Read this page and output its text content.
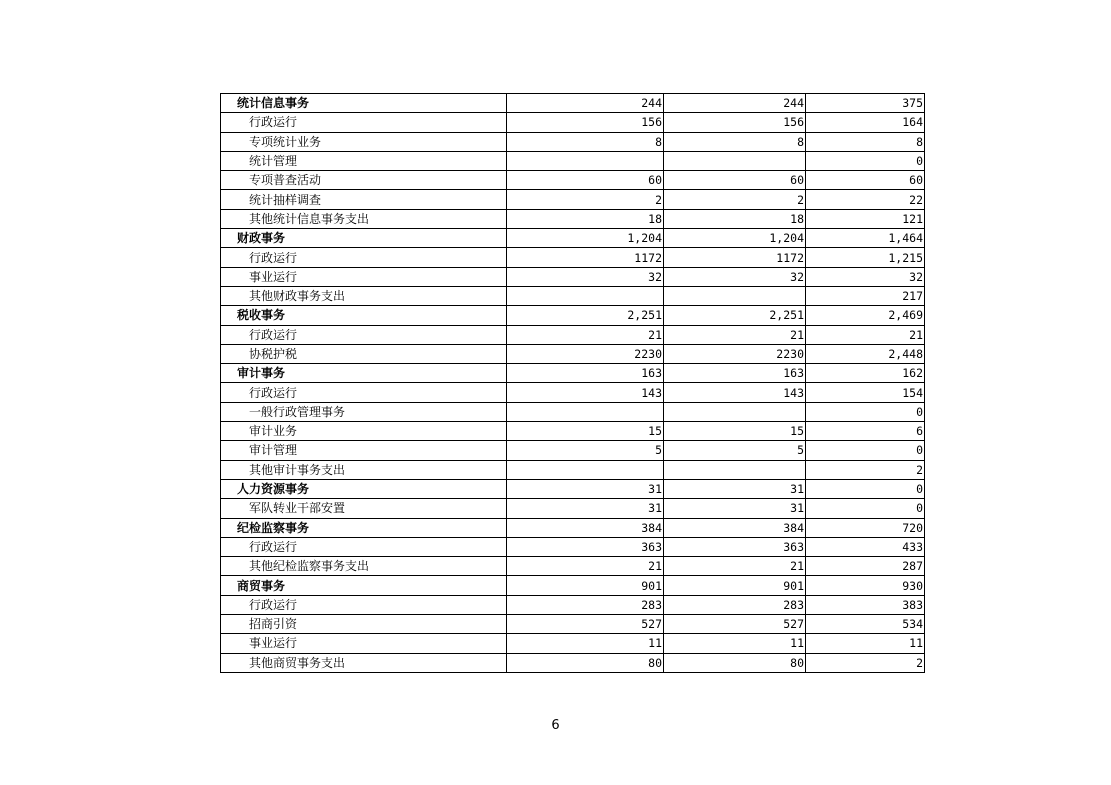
统计信息事务	244	244	375
行政运行	156	156	164
专项统计业务	8	8	8
统计管理			0
专项普查活动	60	60	60
统计抽样调查	2	2	22
其他统计信息事务支出	18	18	121
财政事务	1,204	1,204	1,464
行政运行	1172	1172	1,215
事业运行	32	32	32
其他财政事务支出			217
税收事务	2,251	2,251	2,469
行政运行	21	21	21
协税护税	2230	2230	2,448
审计事务	163	163	162
行政运行	143	143	154
一般行政管理事务			0
审计业务	15	15	6
审计管理	5	5	0
其他审计事务支出			2
人力资源事务	31	31	0
军队转业干部安置	31	31	0
纪检监察事务	384	384	720
行政运行	363	363	433
其他纪检监察事务支出	21	21	287
商贸事务	901	901	930
行政运行	283	283	383
招商引资	527	527	534
事业运行	11	11	11
其他商贸事务支出	80	80	2
6
